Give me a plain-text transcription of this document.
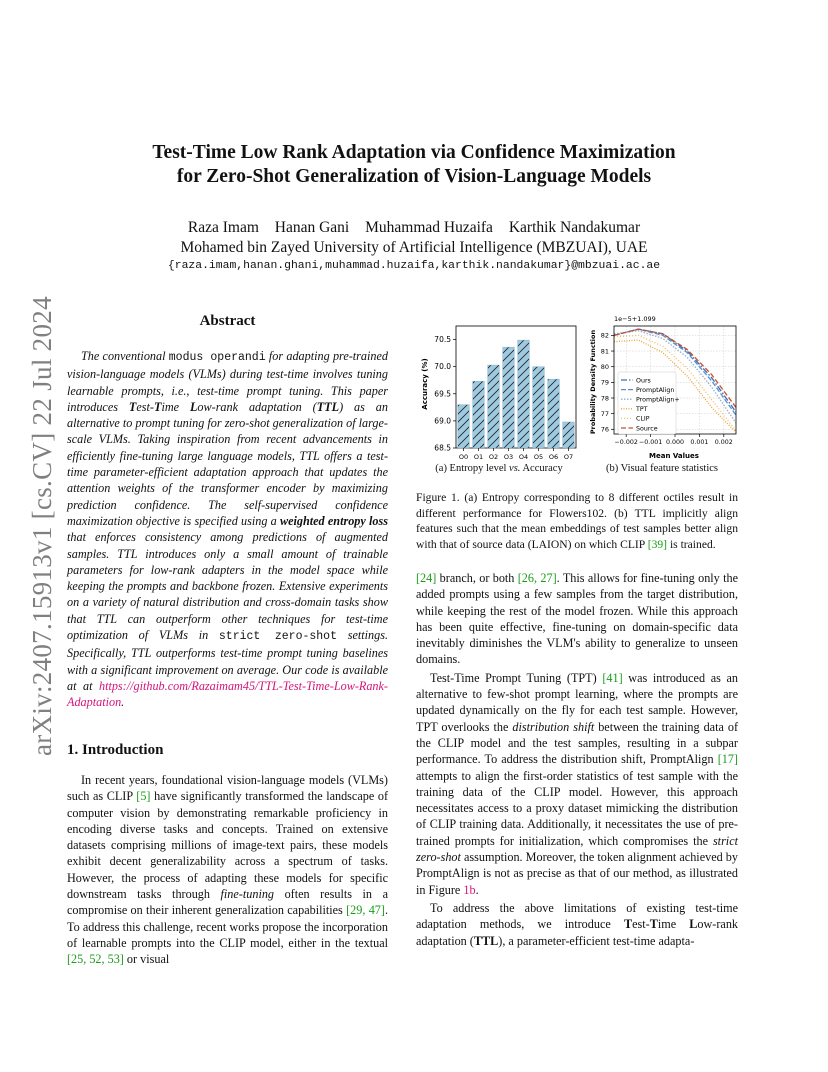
arXiv:2407.15913v1 [cs.CV] 22 Jul 2024
Test-Time Low Rank Adaptation via Confidence Maximization
for Zero-Shot Generalization of Vision-Language Models
Raza Imam Hanan Gani Muhammad Huzaifa Karthik Nandakumar
Mohamed bin Zayed University of Artificial Intelligence (MBZUAI), UAE
{raza.imam,hanan.ghani,muhammad.huzaifa,karthik.nandakumar}@mbzuai.ac.ae
Abstract

The conventional modus operandi for adapting pre-trained vision-language models (VLMs) during test-time involves tuning learnable prompts, i.e., test-time prompt tuning. This paper introduces Test-Time Low-rank adaptation (TTL) as an alternative to prompt tuning for zero-shot generalization of large-scale VLMs. Taking inspiration from recent advancements in efficiently fine-tuning large language models, TTL offers a test-time parameter-efficient adaptation approach that updates the attention weights of the transformer encoder by maximizing prediction confidence. The self-supervised confidence maximization objective is specified using a weighted entropy loss that enforces consistency among predictions of augmented samples. TTL introduces only a small amount of trainable parameters for low-rank adapters in the model space while keeping the prompts and backbone frozen. Extensive experiments on a variety of natural distribution and cross-domain tasks show that TTL can outperform other techniques for test-time optimization of VLMs in strict zero-shot settings. Specifically, TTL outperforms test-time prompt tuning baselines with a significant improvement on average. Our code is available at at https://github.com/Razaimam45/TTL-Test-Time-Low-Rank-Adaptation.

1. Introduction

In recent years, foundational vision-language models (VLMs) such as CLIP [5] have significantly transformed the landscape of computer vision by demonstrating remarkable proficiency in encoding diverse tasks and concepts. Trained on extensive datasets comprising millions of image-text pairs, these models exhibit decent generalizability across a spectrum of tasks. However, the process of adapting these models for specific downstream tasks through fine-tuning often results in a compromise on their inherent generalization capabilities [29, 47]. To address this challenge, recent works propose the incorporation of learnable prompts into the CLIP model, either in the textual [25, 52, 53] or visual

Accuracy (%)
68.5
69.0
69.5
70.0
70.5
O0 O1 O2 O3 O4 O5 O6 O7
(a) Entropy level vs. Accuracy
1e−5+1.099
Probability Density Function
Mean Values
−0.002 −0.001 0.000 0.001 0.002
76
77
78
79
80
81
82
Ours
PromptAlign
PromptAlign+
TPT
CLIP
Source
(b) Visual feature statistics
Figure 1. (a) Entropy corresponding to 8 different octiles result in different performance for Flowers102. (b) TTL implicitly align features such that the mean embeddings of test samples better align with that of source data (LAION) on which CLIP [39] is trained.

[24] branch, or both [26, 27]. This allows for fine-tuning only the added prompts using a few samples from the target distribution, while keeping the rest of the model frozen. While this approach has been quite effective, fine-tuning on domain-specific data inevitably diminishes the VLM's ability to generalize to unseen domains.

Test-Time Prompt Tuning (TPT) [41] was introduced as an alternative to few-shot prompt learning, where the prompts are updated dynamically on the fly for each test sample. However, TPT overlooks the distribution shift between the training data of the CLIP model and the test samples, resulting in a subpar performance. To address the distribution shift, PromptAlign [17] attempts to align the first-order statistics of test sample with the training data of the CLIP model. However, this approach necessitates access to a proxy dataset mimicking the distribution of CLIP training data. Additionally, it necessitates the use of pre-trained prompts for initialization, which compromises the strict zero-shot assumption. Moreover, the token alignment achieved by PromptAlign is not as precise as that of our method, as illustrated in Figure 1b.

To address the above limitations of existing test-time adaptation methods, we introduce Test-Time Low-rank adaptation (TTL), a parameter-efficient test-time adapta-
